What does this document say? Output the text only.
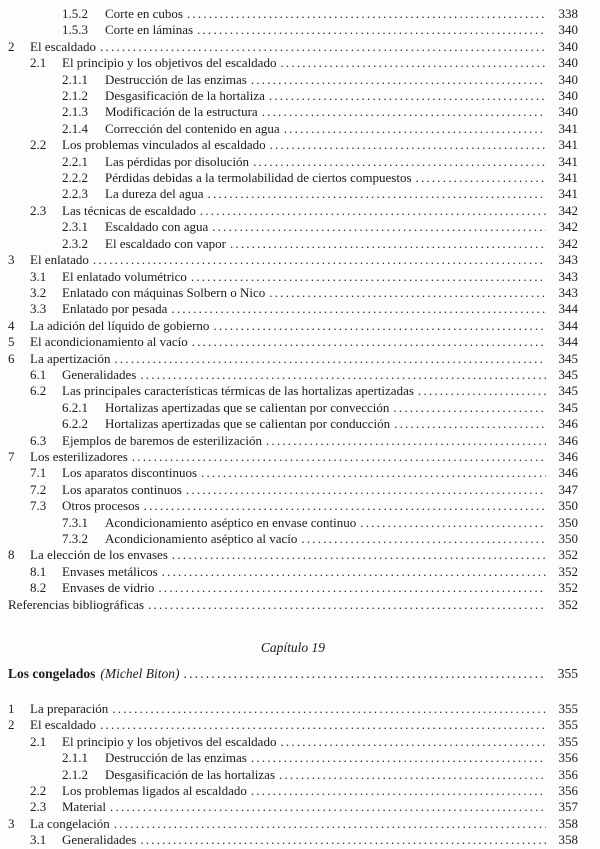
1.5.2	Corte en cubos .....	338
1.5.3	Corte en láminas .....	340
2	El escaldado .....	340
2.1	El principio y los objetivos del escaldado .....	340
2.1.1	Destrucción de las enzimas .....	340
2.1.2	Desgasificación de la hortaliza .....	340
2.1.3	Modificación de la estructura .....	340
2.1.4	Corrección del contenido en agua .....	341
2.2	Los problemas vinculados al escaldado .....	341
2.2.1	Las pérdidas por disolución .....	341
2.2.2	Pérdidas debidas a la termolabilidad de ciertos compuestos .....	341
2.2.3	La dureza del agua .....	341
2.3	Las técnicas de escaldado .....	342
2.3.1	Escaldado con agua .....	342
2.3.2	El escaldado con vapor .....	342
3	El enlatado .....	343
3.1	El enlatado volumétrico .....	343
3.2	Enlatado con máquinas Solbern o Nico .....	343
3.3	Enlatado por pesada .....	344
4	La adición del líquido de gobierno .....	344
5	El acondicionamiento al vacío .....	344
6	La apertización .....	345
6.1	Generalidades .....	345
6.2	Las principales características térmicas de las hortalizas apertizadas .....	345
6.2.1	Hortalizas apertizadas que se calientan por convección .....	345
6.2.2	Hortalizas apertizadas que se calientan por conducción .....	346
6.3	Ejemplos de baremos de esterilización .....	346
7	Los esterilizadores .....	346
7.1	Los aparatos discontinuos .....	346
7.2	Los aparatos continuos .....	347
7.3	Otros procesos .....	350
7.3.1	Acondicionamiento aséptico en envase continuo .....	350
7.3.2	Acondicionamiento aséptico al vacío .....	350
8	La elección de los envases .....	352
8.1	Envases metálicos .....	352
8.2	Envases de vidrio .....	352
Referencias bibliográficas .....	352
Capítulo 19
Los congelados (Michel Biton) .....	355
1	La preparación .....	355
2	El escaldado .....	355
2.1	El principio y los objetivos del escaldado .....	355
2.1.1	Destrucción de las enzimas .....	356
2.1.2	Desgasificación de las hortalizas .....	356
2.2	Los problemas ligados al escaldado .....	356
2.3	Material .....	357
3	La congelación .....	358
3.1	Generalidades .....	358
